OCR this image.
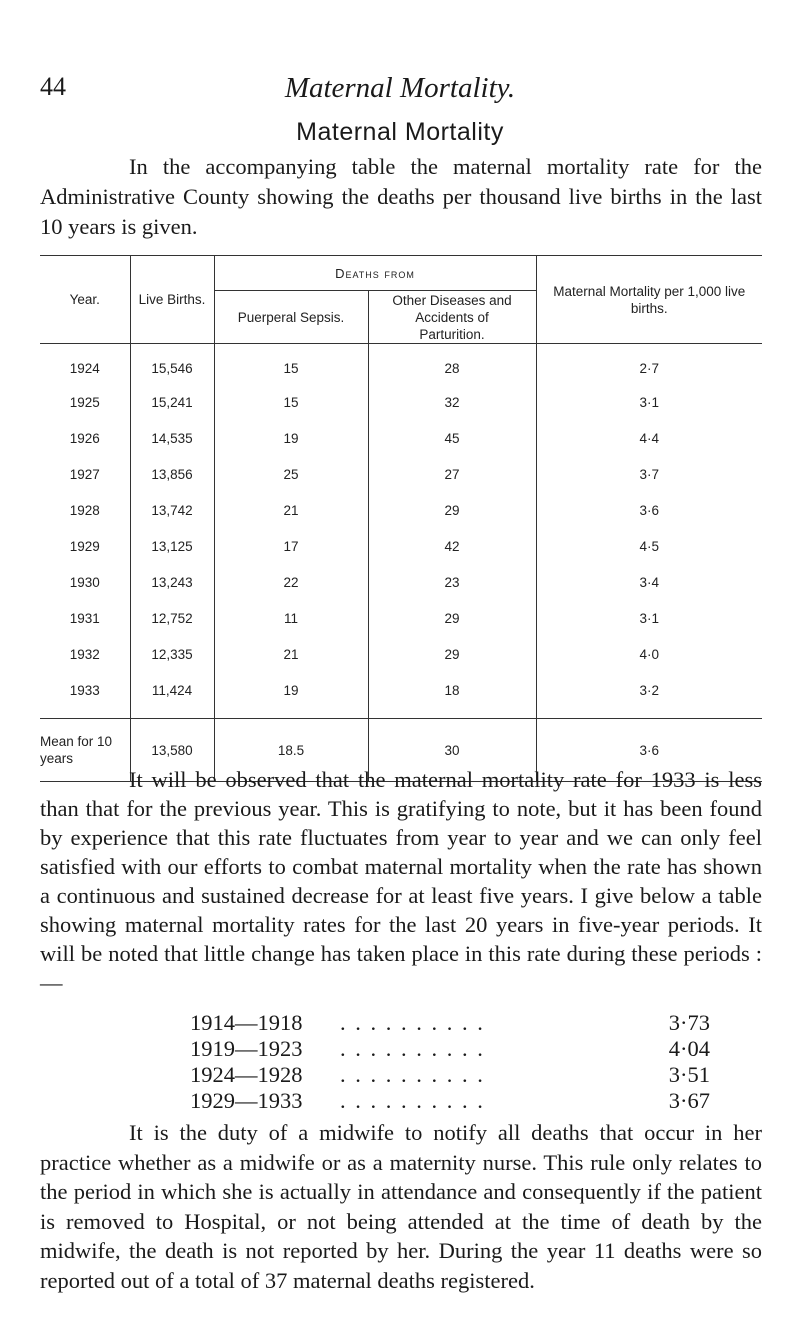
44	Maternal Mortality.
Maternal Mortality

In the accompanying table the maternal mortality rate for the Administrative County showing the deaths per thousand live births in the last 10 years is given.

Year.	Live Births.	Deaths from		Maternal Mortality per 1,000 live births.
		Puerperal Sepsis.	Other Diseases and Accidents of Parturition.	
1924	15,546	15	28	2·7
1925	15,241	15	32	3·1
1926	14,535	19	45	4·4
1927	13,856	25	27	3·7
1928	13,742	21	29	3·6
1929	13,125	17	42	4·5
1930	13,243	22	23	3·4
1931	12,752	11	29	3·1
1932	12,335	21	29	4·0
1933	11,424	19	18	3·2

Mean for 10 years	13,580	18.5	30	3·6

It will be observed that the maternal mortality rate for 1933 is less than that for the previous year. This is gratifying to note, but it has been found by experience that this rate fluctuates from year to year and we can only feel satisfied with our efforts to combat maternal mortality when the rate has shown a continuous and sustained decrease for at least five years. I give below a table showing maternal mortality rates for the last 20 years in five-year periods. It will be noted that little change has taken place in this rate during these periods :—

1914—1918 . . . . . . . . . .	3·73
1919—1923 . . . . . . . . . .	4·04
1924—1928 . . . . . . . . . .	3·51
1929—1933 . . . . . . . . . .	3·67

It is the duty of a midwife to notify all deaths that occur in her practice whether as a midwife or as a maternity nurse. This rule only relates to the period in which she is actually in attendance and consequently if the patient is removed to Hospital, or not being attended at the time of death by the midwife, the death is not reported by her. During the year 11 deaths were so reported out of a total of 37 maternal deaths registered.
